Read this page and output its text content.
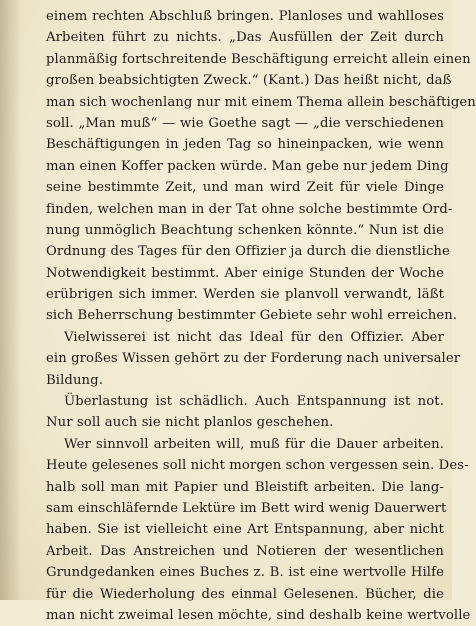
einem rechten Abschluß bringen. Planloses und wahlloses
Arbeiten führt zu nichts. „Das Ausfüllen der Zeit durch
planmäßig fortschreitende Beschäftigung erreicht allein einen
großen beabsichtigten Zweck.“ (Kant.) Das heißt nicht, daß
man sich wochenlang nur mit einem Thema allein beschäftigen
soll. „Man muß“ — wie Goethe sagt — „die verschiedenen
Beschäftigungen in jeden Tag so hineinpacken, wie wenn
man einen Koffer packen würde. Man gebe nur jedem Ding
seine bestimmte Zeit, und man wird Zeit für viele Dinge
finden, welchen man in der Tat ohne solche bestimmte Ord-
nung unmöglich Beachtung schenken könnte.“ Nun ist die
Ordnung des Tages für den Offizier ja durch die dienstliche
Notwendigkeit bestimmt. Aber einige Stunden der Woche
erübrigen sich immer. Werden sie planvoll verwandt, läßt
sich Beherrschung bestimmter Gebiete sehr wohl erreichen.
Vielwisserei ist nicht das Ideal für den Offizier. Aber
ein großes Wissen gehört zu der Forderung nach universaler
Bildung.
Überlastung ist schädlich. Auch Entspannung ist not.
Nur soll auch sie nicht planlos geschehen.
Wer sinnvoll arbeiten will, muß für die Dauer arbeiten.
Heute gelesenes soll nicht morgen schon vergessen sein. Des-
halb soll man mit Papier und Bleistift arbeiten. Die lang-
sam einschläfernde Lektüre im Bett wird wenig Dauerwert
haben. Sie ist vielleicht eine Art Entspannung, aber nicht
Arbeit. Das Anstreichen und Notieren der wesentlichen
Grundgedanken eines Buches z. B. ist eine wertvolle Hilfe
für die Wiederholung des einmal Gelesenen. Bücher, die
man nicht zweimal lesen möchte, sind deshalb keine wertvolle
